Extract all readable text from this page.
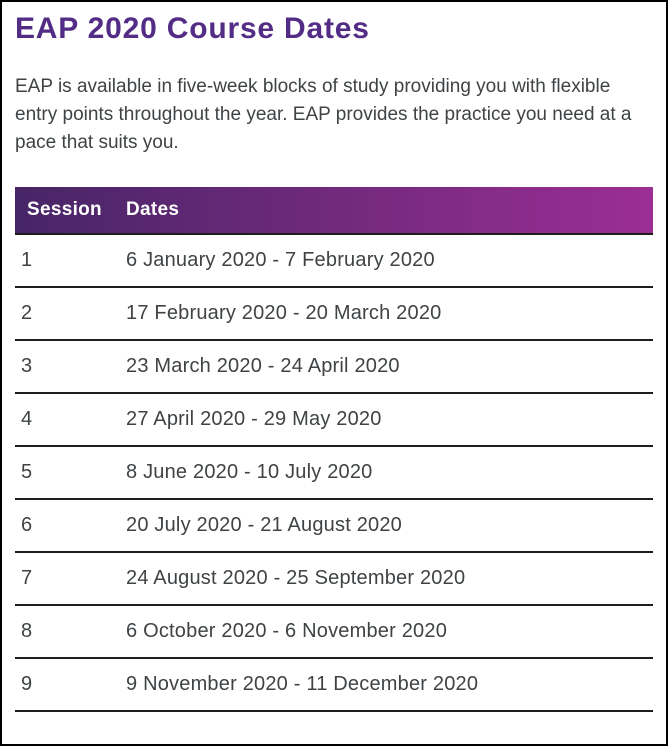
EAP 2020 Course Dates

EAP is available in five-week blocks of study providing you with flexible entry points throughout the year. EAP provides the practice you need at a pace that suits you.

Session	Dates
1	6 January 2020 - 7 February 2020
2	17 February 2020 - 20 March 2020
3	23 March 2020 - 24 April 2020
4	27 April 2020 - 29 May 2020
5	8 June 2020 - 10 July 2020
6	20 July 2020 - 21 August 2020
7	24 August 2020 - 25 September 2020
8	6 October 2020 - 6 November 2020
9	9 November 2020 - 11 December 2020
